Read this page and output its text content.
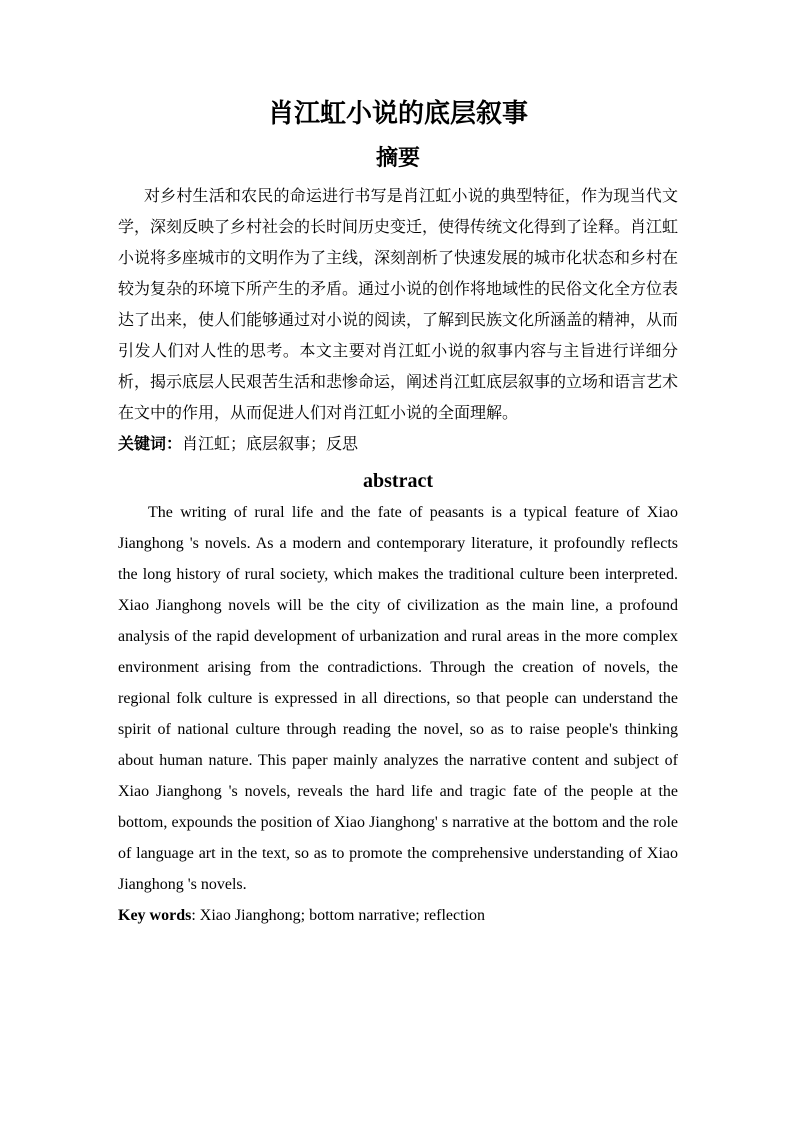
肖江虹小说的底层叙事
摘要

对乡村生活和农民的命运进行书写是肖江虹小说的典型特征，作为现当代文学，深刻反映了乡村社会的长时间历史变迁，使得传统文化得到了诠释。肖江虹小说将多座城市的文明作为了主线，深刻剖析了快速发展的城市化状态和乡村在较为复杂的环境下所产生的矛盾。通过小说的创作将地域性的民俗文化全方位表达了出来，使人们能够通过对小说的阅读，了解到民族文化所涵盖的精神，从而引发人们对人性的思考。本文主要对肖江虹小说的叙事内容与主旨进行详细分析，揭示底层人民艰苦生活和悲惨命运，阐述肖江虹底层叙事的立场和语言艺术在文中的作用，从而促进人们对肖江虹小说的全面理解。

关键词：肖江虹；底层叙事；反思

abstract

The writing of rural life and the fate of peasants is a typical feature of Xiao Jianghong 's novels. As a modern and contemporary literature, it profoundly reflects the long history of rural society, which makes the traditional culture been interpreted. Xiao Jianghong novels will be the city of civilization as the main line, a profound analysis of the rapid development of urbanization and rural areas in the more complex environment arising from the contradictions. Through the creation of novels, the regional folk culture is expressed in all directions, so that people can understand the spirit of national culture through reading the novel, so as to raise people's thinking about human nature. This paper mainly analyzes the narrative content and subject of Xiao Jianghong 's novels, reveals the hard life and tragic fate of the people at the bottom, expounds the position of Xiao Jianghong' s narrative at the bottom and the role of language art in the text, so as to promote the comprehensive understanding of Xiao Jianghong 's novels.

Key words: Xiao Jianghong; bottom narrative; reflection
